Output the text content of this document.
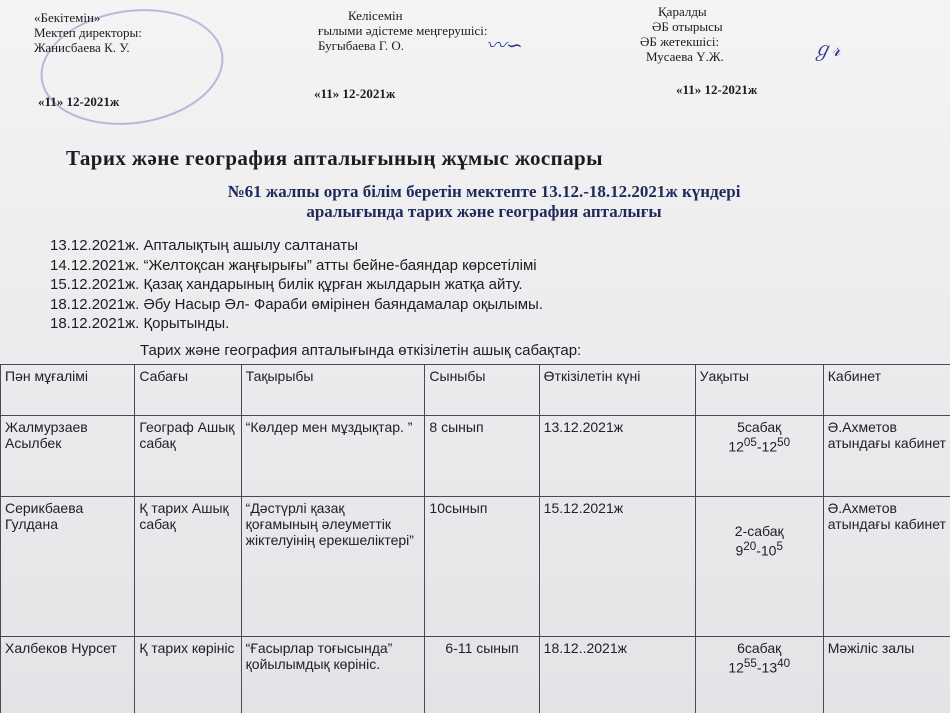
«Бекітемін»
Мектеп директоры:
Жанисбаева К. У.
Келісемін
ғылыми әдістеме меңгерушісі:
Бугыбаева Г. О.	〰∽
Қаралды
ӘБ отырысы
ӘБ жетекшісі:
Мусаева Ү.Ж.	ℊ𝓇
«11» 12-2021ж
«11» 12-2021ж	«11» 12-2021ж
Тарих және география апталығының жұмыс жоспары
№61 жалпы орта білім беретін мектепте 13.12.-18.12.2021ж күндері
аралығында тарих және география апталығы
13.12.2021ж. Апталықтың ашылу салтанаты
14.12.2021ж. “Желтоқсан жаңғырығы” атты бейне-баяндар көрсетілімі
15.12.2021ж. Қазақ хандарының билік құрған жылдарын жатқа айту.
18.12.2021ж. Әбу Насыр Әл- Фараби өмірінен баяндамалар оқылымы.
18.12.2021ж. Қорытынды.
Тарих және география апталығында өткізілетін ашық сабақтар:
Пән мұғалімі	Сабағы	Тақырыбы	Сыныбы	Өткізілетін күні	Уақыты	Кабинет
Жалмурзаев Асылбек	Географ Ашық сабақ	“Көлдер мен мұздықтар. ”	8 сынып	13.12.2021ж	5сабақ
$12^{05}-12^{50}$	Ә.Ахметов атындағы кабинет
Серикбаева Гулдана	Қ тарих Ашық сабақ	“Дәстүрлі қазақ қоғамының әлеуметтік жіктелуінің ерекшеліктері”	10сынып	15.12.2021ж	2-сабақ
$9^{20}-10^5$	Ә.Ахметов атындағы кабинет
Халбеков Нурсет	Қ тарих көрініс	“Ғасырлар тоғысында” қойылымдық көрініс.	6-11 сынып	18.12..2021ж	6сабақ
$12^{55}-13^{40}$	Мәжіліс залы
